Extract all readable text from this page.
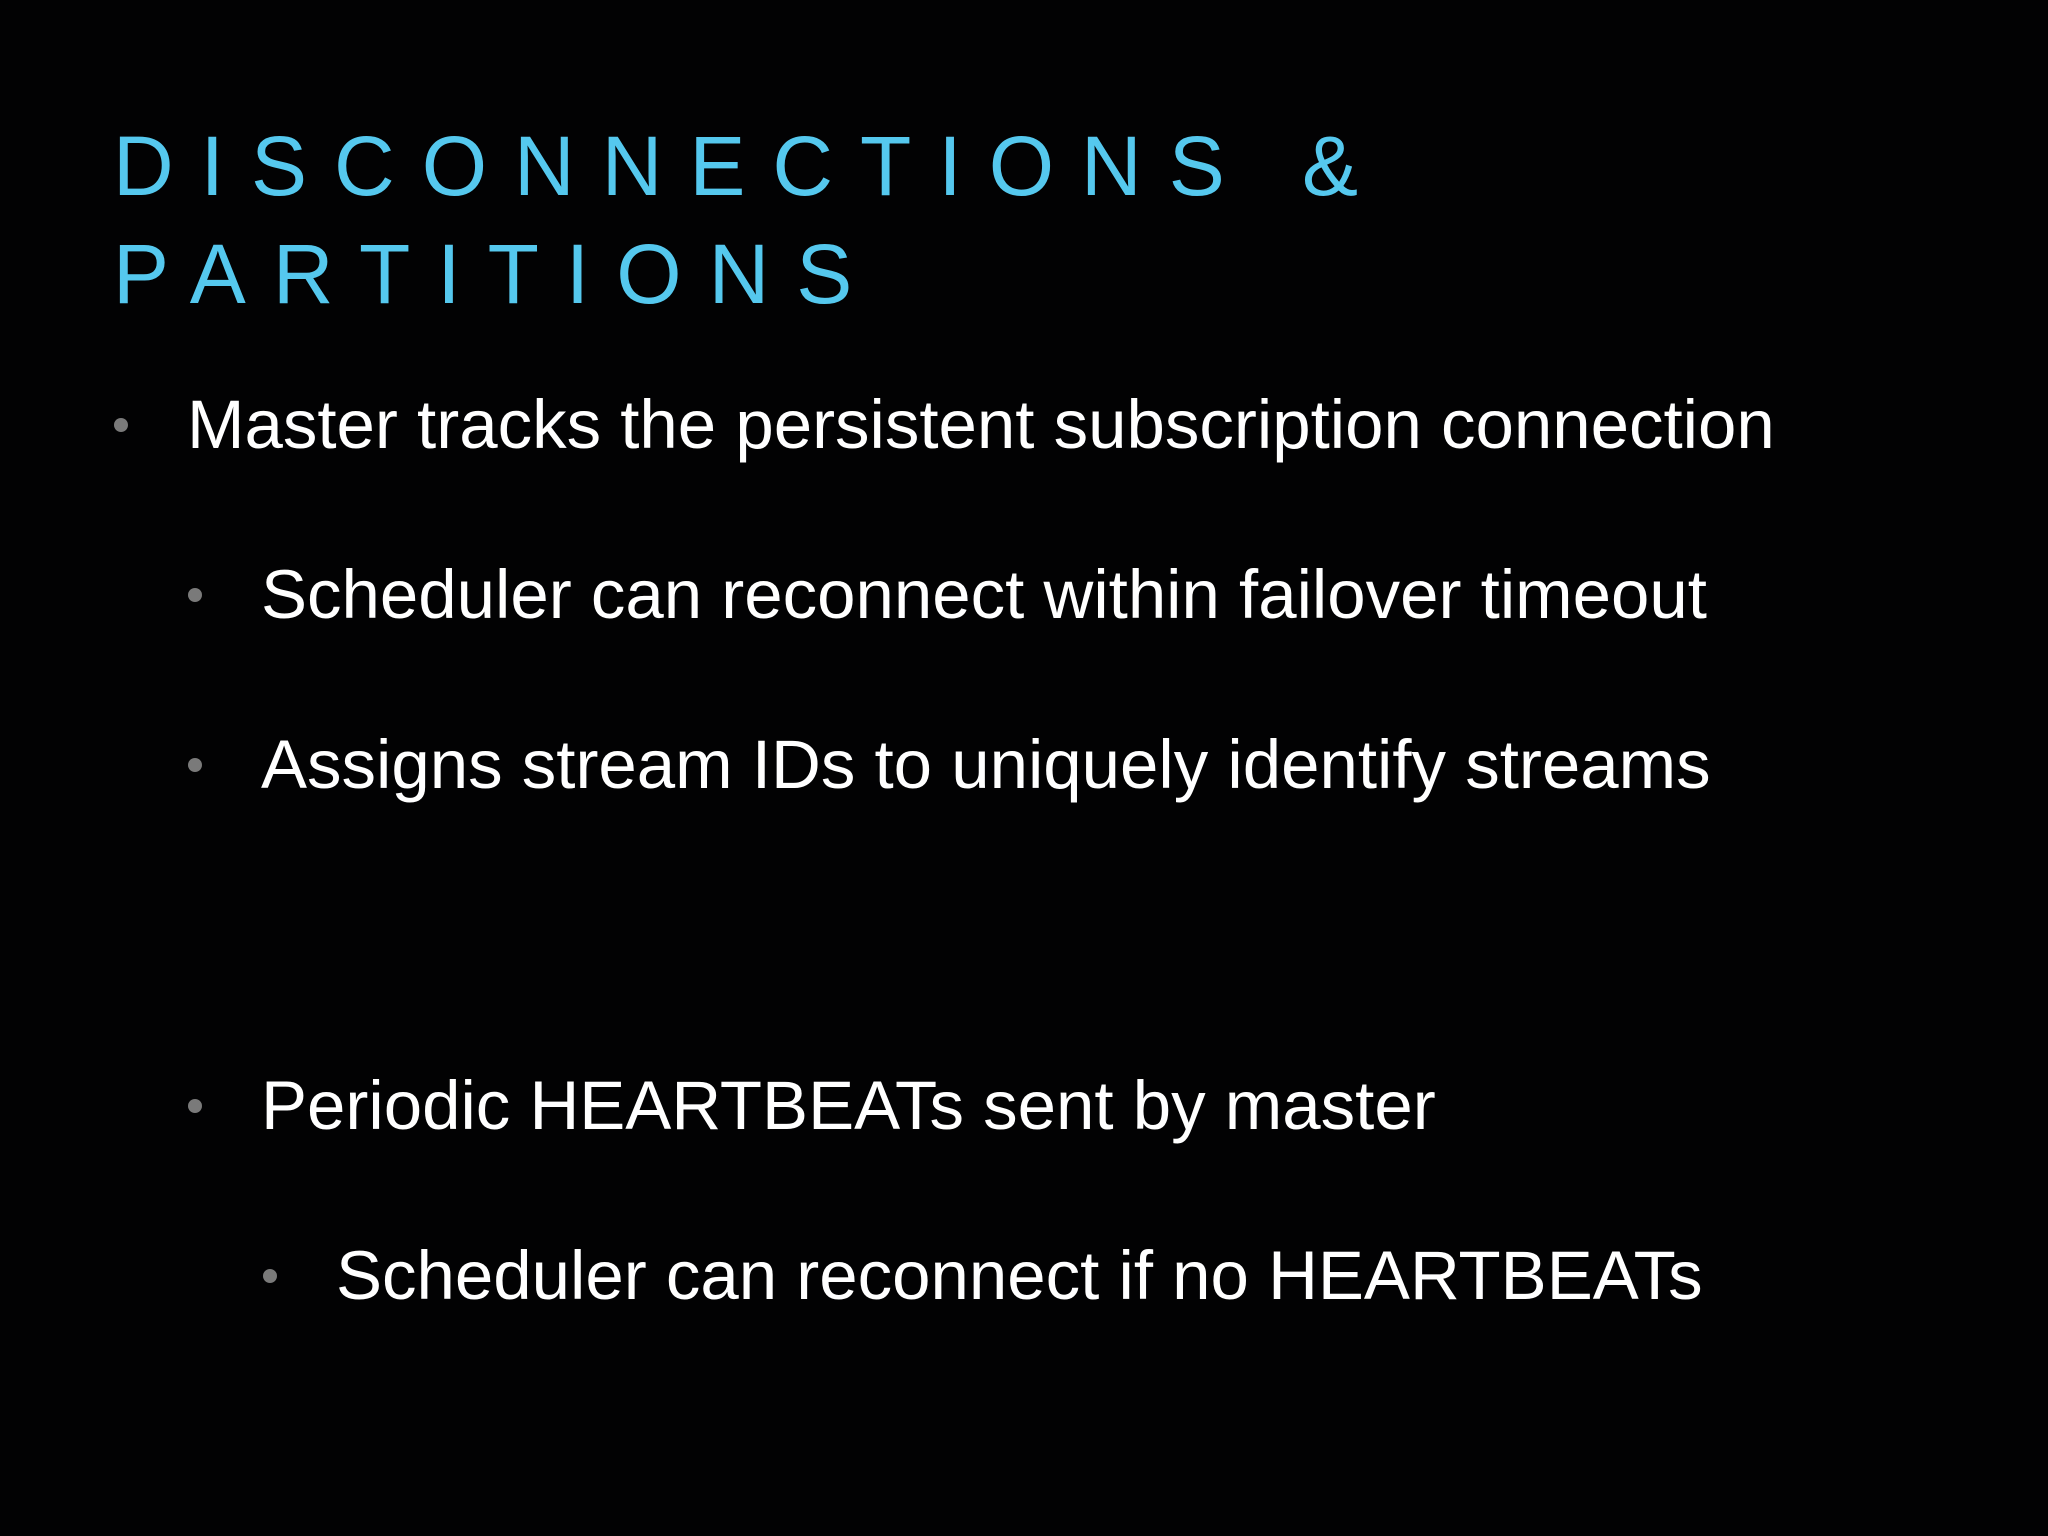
DISCONNECTIONS &
PARTITIONS
Master tracks the persistent subscription connection
Scheduler can reconnect within failover timeout
Assigns stream IDs to uniquely identify streams
Periodic HEARTBEATs sent by master
Scheduler can reconnect if no HEARTBEATs
